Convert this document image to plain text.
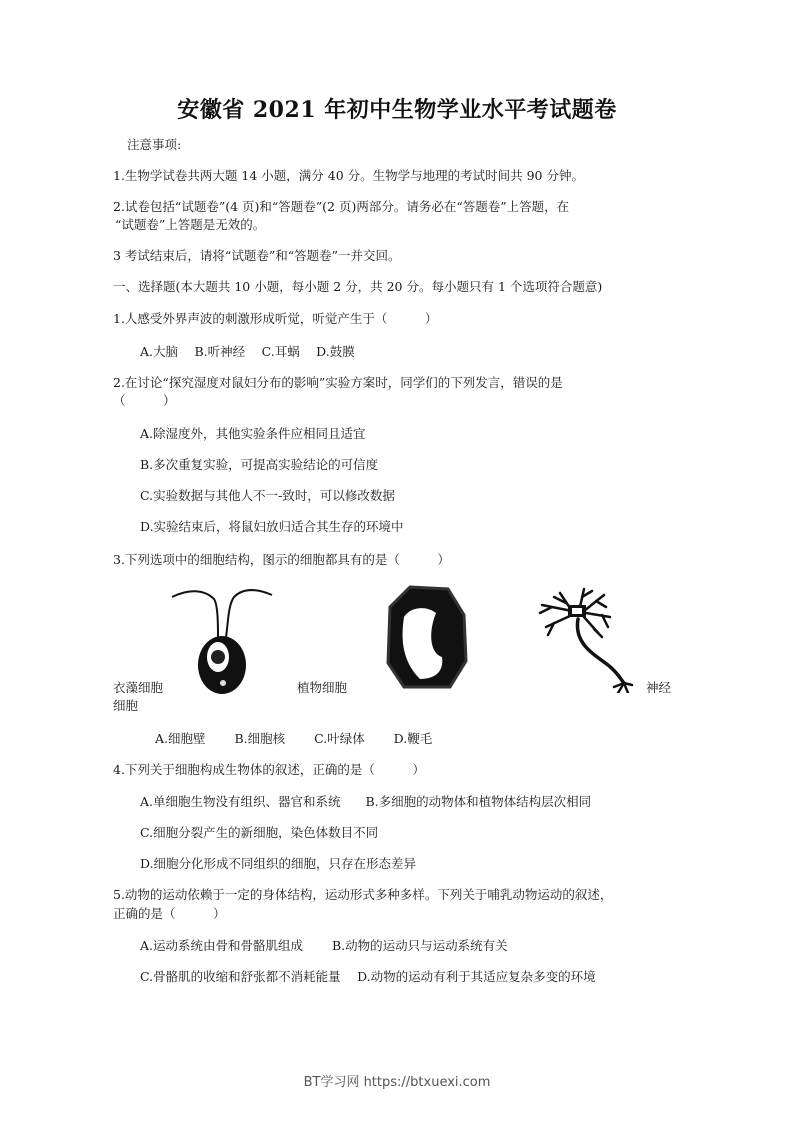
安徽省 2021 年初中生物学业水平考试题卷
注意事项:
1.生物学试卷共两大题 14 小题，满分 40 分。生物学与地理的考试时间共 90 分钟。
2.试卷包括“试题卷”(4 页)和“答题卷”(2 页)两部分。请务必在“答题卷”上答题，在
“试题卷”上答题是无效的。
3 考试结束后，请将“试题卷”和“答题卷”一并交回。
一、选择题(本大题共 10 小题，每小题 2 分，共 20 分。每小题只有 1 个选项符合题意)
1.人感受外界声波的刺激形成听觉，听觉产生于（　　　）
A.大脑　 B.听神经　 C.耳蜗　 D.鼓膜
2.在讨论“探究湿度对鼠妇分布的影响”实验方案时，同学们的下列发言，错误的是
（　　　）
A.除湿度外，其他实验条件应相同且适宜
B.多次重复实验，可提高实验结论的可信度
C.实验数据与其他人不一-致时，可以修改数据
D.实验结束后，将鼠妇放归适合其生存的环境中
3.下列选项中的细胞结构，图示的细胞都具有的是（　　　）
衣藻细胞
细胞
植物细胞	神经
A.细胞壁　　 B.细胞核　　 C.叶绿体　　 D.鞭毛
4.下列关于细胞构成生物体的叙述，正确的是（　　　）
A.单细胞生物没有组织、器官和系统　　B.多细胞的动物体和植物体结构层次相同
C.细胞分裂产生的新细胞，染色体数目不同
D.细胞分化形成不同组织的细胞，只存在形态差异
5.动物的运动依赖于一定的身体结构，运动形式多种多样。下列关于哺乳动物运动的叙述，
正确的是（　　　）
A.运动系统由骨和骨骼肌组成　　 B.动物的运动只与运动系统有关
C.骨骼肌的收缩和舒张都不消耗能量　 D.动物的运动有利于其适应复杂多变的环境
BT学习网 https://btxuexi.com
